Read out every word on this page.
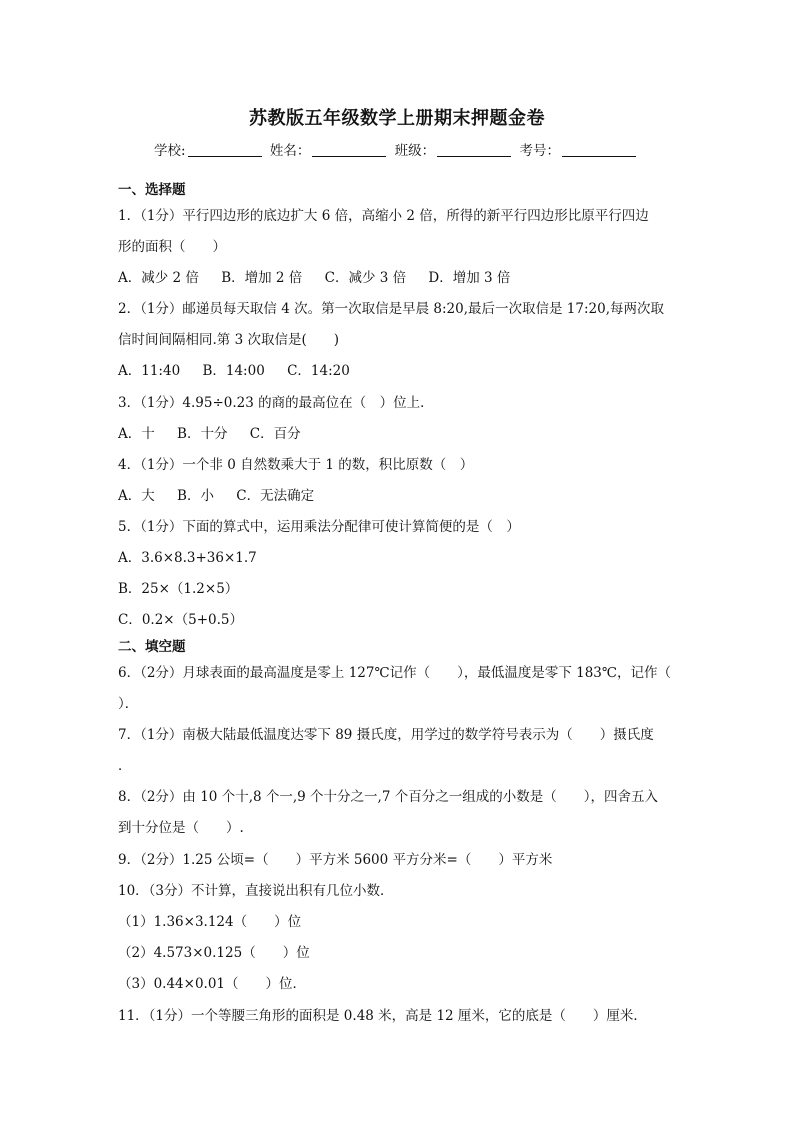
苏教版五年级数学上册期末押题金卷
学校:	姓名：	班级：	考号：
一、选择题
1．（1分）平行四边形的底边扩大 6 倍，高缩小 2 倍，所得的新平行四边形比原平行四边
形的面积（　　）
A．减少 2 倍 B．增加 2 倍 C．减少 3 倍 D．增加 3 倍
2．（1分）邮递员每天取信 4 次。第一次取信是早晨 8:20,最后一次取信是 17:20,每两次取
信时间间隔相同.第 3 次取信是(　　)
A．11:40 B．14:00 C．14:20
3．（1分）4.95÷0.23 的商的最高位在（　）位上．
A．十 B．十分 C．百分
4．（1分）一个非 0 自然数乘大于 1 的数，积比原数（　）
A．大 B．小 C．无法确定
5．（1分）下面的算式中，运用乘法分配律可使计算简便的是（　）
A．3.6×8.3+36×1.7
B．25×（1.2×5）
C．0.2×（5+0.5）
二、填空题
6．（2分）月球表面的最高温度是零上 127℃记作（　　），最低温度是零下 183℃，记作（
）．
7．（1分）南极大陆最低温度达零下 89 摄氏度，用学过的数学符号表示为（　　）摄氏度
．
8．（2分）由 10 个十,8 个一,9 个十分之一,7 个百分之一组成的小数是（　　），四舍五入
到十分位是（　　）.
9．（2分）1.25 公顷=（　　）平方米 5600 平方分米=（　　）平方米
10．（3分）不计算，直接说出积有几位小数．
（1）1.36×3.124（　　）位
（2）4.573×0.125（　　）位
（3）0.44×0.01（　　）位．
11．（1分）一个等腰三角形的面积是 0.48 米，高是 12 厘米，它的底是（　　）厘米．
